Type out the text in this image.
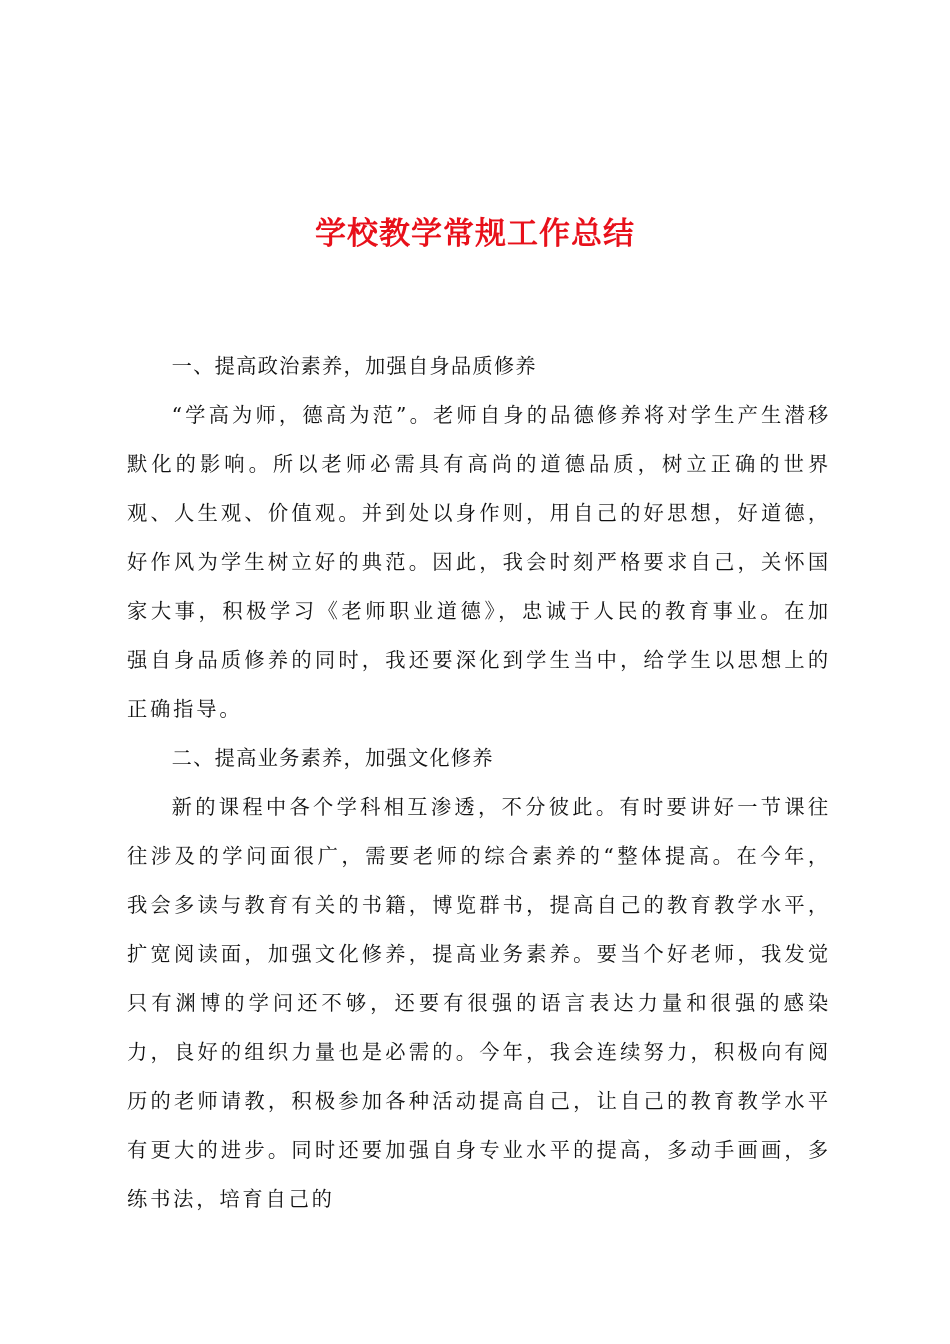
学校教学常规工作总结

一、提高政治素养，加强自身品质修养

“学高为师，德高为范”。老师自身的品德修养将对学生产生潜移默化的影响。所以老师必需具有高尚的道德品质，树立正确的世界观、人生观、价值观。并到处以身作则，用自己的好思想，好道德，好作风为学生树立好的典范。因此，我会时刻严格要求自己，关怀国家大事，积极学习《老师职业道德》，忠诚于人民的教育事业。在加强自身品质修养的同时，我还要深化到学生当中，给学生以思想上的正确指导。

二、提高业务素养，加强文化修养

新的课程中各个学科相互渗透，不分彼此。有时要讲好一节课往往涉及的学问面很广，需要老师的综合素养的“整体提高。在今年，我会多读与教育有关的书籍，博览群书，提高自己的教育教学水平，扩宽阅读面，加强文化修养，提高业务素养。要当个好老师，我发觉只有渊博的学问还不够，还要有很强的语言表达力量和很强的感染力，良好的组织力量也是必需的。今年，我会连续努力，积极向有阅历的老师请教，积极参加各种活动提高自己，让自己的教育教学水平有更大的进步。同时还要加强自身专业水平的提高，多动手画画，多练书法，培育自己的
